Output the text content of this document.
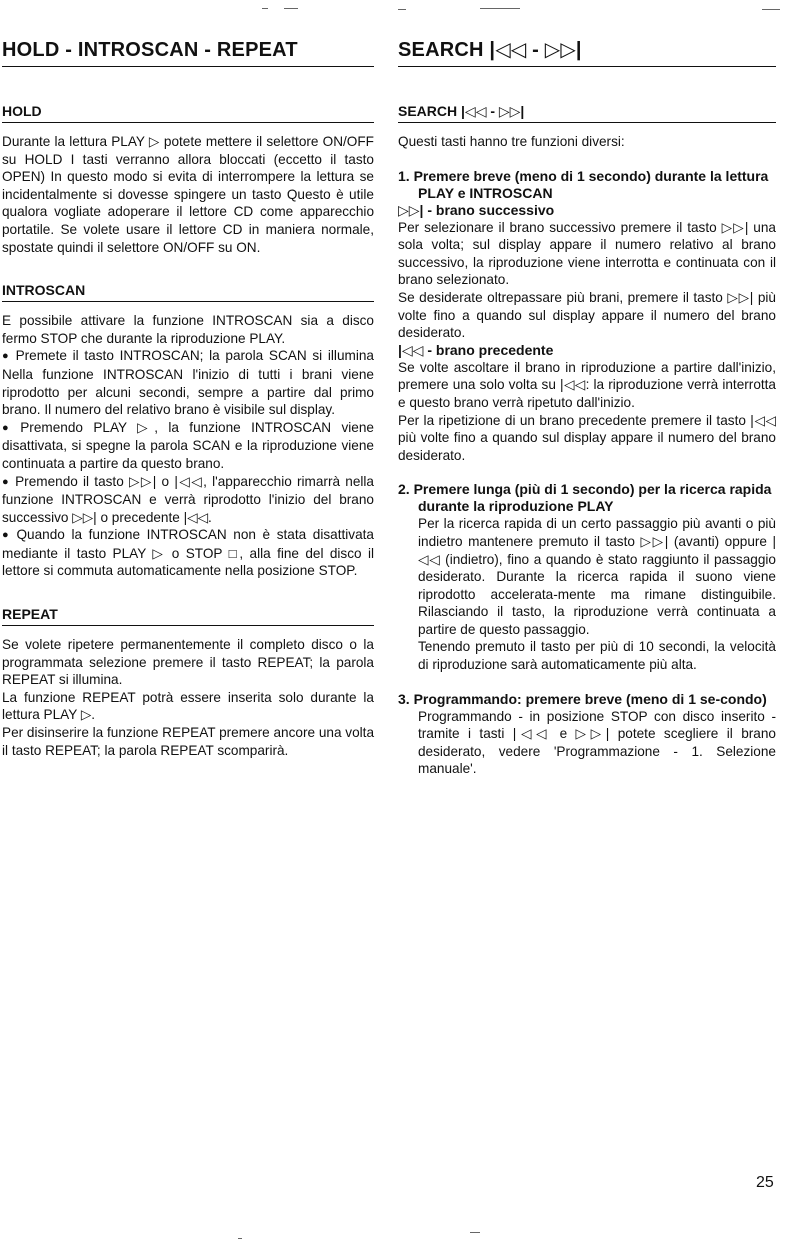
HOLD - INTROSCAN - REPEAT
HOLD

Durante la lettura PLAY ▷ potete mettere il selettore ON/OFF su HOLD I tasti verranno allora bloccati (eccetto il tasto OPEN) In questo modo si evita di interrompere la lettura se incidentalmente si dovesse spingere un tasto Questo è utile qualora vogliate adoperare il lettore CD come apparecchio portatile. Se volete usare il lettore CD in maniera normale, spostate quindi il selettore ON/OFF su ON.

INTROSCAN

E possibile attivare la funzione INTROSCAN sia a disco fermo STOP che durante la riproduzione PLAY.

● Premete il tasto INTROSCAN; la parola SCAN si illumina Nella funzione INTROSCAN l'inizio di tutti i brani viene riprodotto per alcuni secondi, sempre a partire dal primo brano. Il numero del relativo brano è visibile sul display.

● Premendo PLAY ▷, la funzione INTROSCAN viene disattivata, si spegne la parola SCAN e la riproduzione viene continuata a partire da questo brano.

● Premendo il tasto ▷▷| o |◁◁, l'apparecchio rimarrà nella funzione INTROSCAN e verrà riprodotto l'inizio del brano successivo ▷▷| o precedente |◁◁.

● Quando la funzione INTROSCAN non è stata disattivata mediante il tasto PLAY ▷ o STOP □, alla fine del disco il lettore si commuta automaticamente nella posizione STOP.

REPEAT

Se volete ripetere permanentemente il completo disco o la programmata selezione premere il tasto REPEAT; la parola REPEAT si illumina.

La funzione REPEAT potrà essere inserita solo durante la lettura PLAY ▷.

Per disinserire la funzione REPEAT premere ancore una volta il tasto REPEAT; la parola REPEAT scomparirà.

SEARCH |◁◁ - ▷▷|
SEARCH |◁◁ - ▷▷|

Questi tasti hanno tre funzioni diversi:

1. Premere breve (meno di 1 secondo) durante la lettura PLAY e INTROSCAN

▷▷| - brano successivo

Per selezionare il brano successivo premere il tasto ▷▷| una sola volta; sul display appare il numero relativo al brano successivo, la riproduzione viene interrotta e continuata con il brano selezionato.

Se desiderate oltrepassare più brani, premere il tasto ▷▷| più volte fino a quando sul display appare il numero del brano desiderato.

|◁◁ - brano precedente

Se volte ascoltare il brano in riproduzione a partire dall'inizio, premere una solo volta su |◁◁: la riproduzione verrà interrotta e questo brano verrà ripetuto dall'inizio.

Per la ripetizione di un brano precedente premere il tasto |◁◁ più volte fino a quando sul display appare il numero del brano desiderato.

2. Premere lunga (più di 1 secondo) per la ricerca rapida durante la riproduzione PLAY

Per la ricerca rapida di un certo passaggio più avanti o più indietro mantenere premuto il tasto ▷▷| (avanti) oppure |◁◁ (indietro), fino a quando è stato raggiunto il passaggio desiderato. Durante la ricerca rapida il suono viene riprodotto accelerata-mente ma rimane distinguibile. Rilasciando il tasto, la riproduzione verrà continuata a partire de questo passaggio.

Tenendo premuto il tasto per più di 10 secondi, la velocità di riproduzione sarà automaticamente più alta.

3. Programmando: premere breve (meno di 1 se-condo)

Programmando - in posizione STOP con disco inserito - tramite i tasti |◁◁ e ▷▷| potete scegliere il brano desiderato, vedere 'Programmazione - 1. Selezione manuale'.

25
